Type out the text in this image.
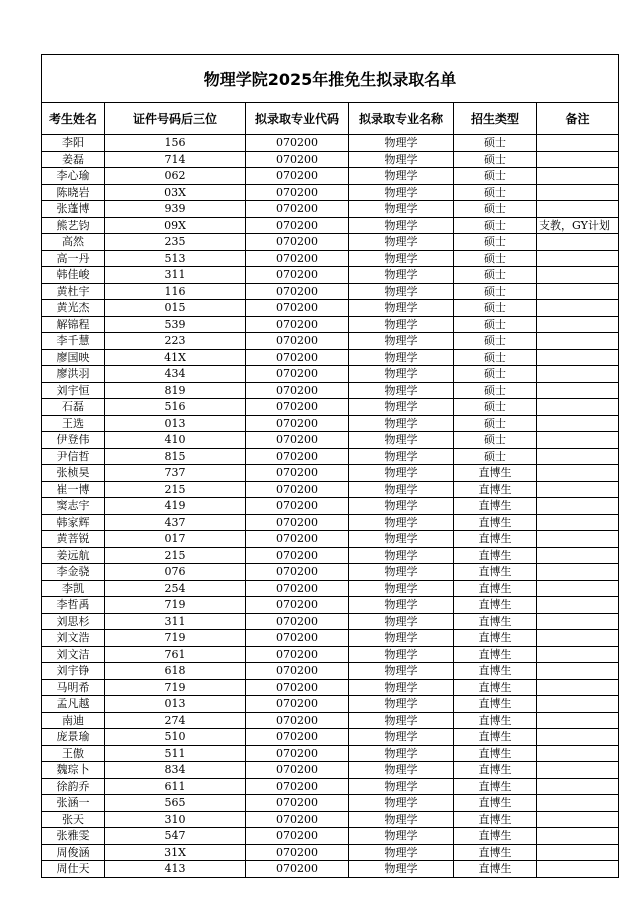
物理学院2025年推免生拟录取名单					
考生姓名	证件号码后三位	拟录取专业代码	拟录取专业名称	招生类型	备注
李阳	156	070200	物理学	硕士	
姜磊	714	070200	物理学	硕士	
李心瑜	062	070200	物理学	硕士	
陈晓岩	03X	070200	物理学	硕士	
张蓬博	939	070200	物理学	硕士	
熊艺钧	09X	070200	物理学	硕士	支教，GY计划
高然	235	070200	物理学	硕士	
高一丹	513	070200	物理学	硕士	
韩佳峻	311	070200	物理学	硕士	
黄杜宇	116	070200	物理学	硕士	
黄光杰	015	070200	物理学	硕士	
解锦程	539	070200	物理学	硕士	
李千慧	223	070200	物理学	硕士	
廖国映	41X	070200	物理学	硕士	
廖洪羽	434	070200	物理学	硕士	
刘宇恒	819	070200	物理学	硕士	
石磊	516	070200	物理学	硕士	
王选	013	070200	物理学	硕士	
伊登伟	410	070200	物理学	硕士	
尹信哲	815	070200	物理学	硕士	
张桢昊	737	070200	物理学	直博生	
崔一博	215	070200	物理学	直博生	
窦志宇	419	070200	物理学	直博生	
韩家辉	437	070200	物理学	直博生	
黄菩锐	017	070200	物理学	直博生	
姜远航	215	070200	物理学	直博生	
李金骁	076	070200	物理学	直博生	
李凯	254	070200	物理学	直博生	
李哲禹	719	070200	物理学	直博生	
刘思杉	311	070200	物理学	直博生	
刘文浩	719	070200	物理学	直博生	
刘文洁	761	070200	物理学	直博生	
刘宇铮	618	070200	物理学	直博生	
马明希	719	070200	物理学	直博生	
孟凡越	013	070200	物理学	直博生	
南迪	274	070200	物理学	直博生	
庞景瑜	510	070200	物理学	直博生	
王傲	511	070200	物理学	直博生	
魏琮卜	834	070200	物理学	直博生	
徐韵乔	611	070200	物理学	直博生	
张涵一	565	070200	物理学	直博生	
张天	310	070200	物理学	直博生	
张雅雯	547	070200	物理学	直博生	
周俊涵	31X	070200	物理学	直博生	
周仕天	413	070200	物理学	直博生	
